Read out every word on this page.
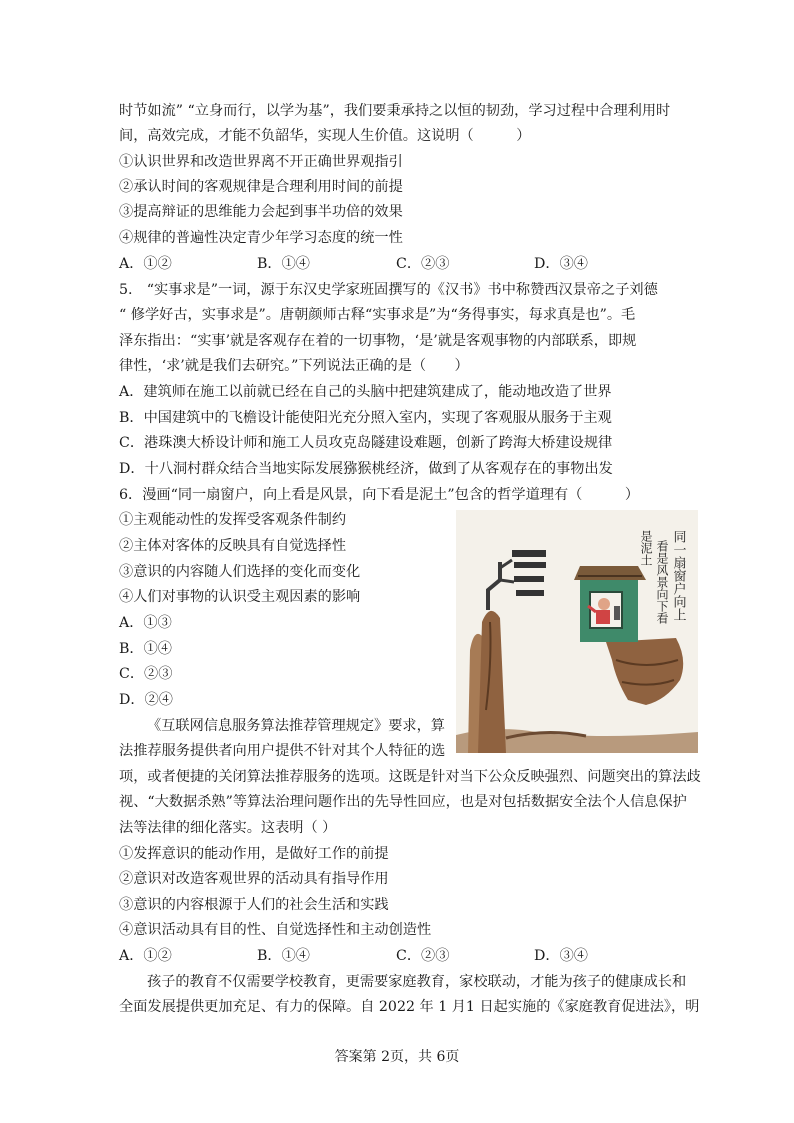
时节如流” “立身而行，以学为基”，我们要秉承持之以恒的韧劲，学习过程中合理利用时
间，高效完成，才能不负韶华，实现人生价值。这说明（　　　）
①认识世界和改造世界离不开正确世界观指引
②承认时间的客观规律是合理利用时间的前提
③提高辩证的思维能力会起到事半功倍的效果
④规律的普遍性决定青少年学习态度的统一性
A．①②	B．①④	C．②③	D．③④
5.　“实事求是”一词，源于东汉史学家班固撰写的《汉书》书中称赞西汉景帝之子刘德
“ 修学好古，实事求是”。唐朝颜师古释“实事求是”为“务得事实，每求真是也”。毛
泽东指出：“实事’就是客观存在着的一切事物，‘是’就是客观事物的内部联系，即规
律性，‘求’就是我们去研究。”下列说法正确的是（　　）
A．建筑师在施工以前就已经在自己的头脑中把建筑建成了，能动地改造了世界
B．中国建筑中的飞檐设计能使阳光充分照入室内，实现了客观服从服务于主观
C．港珠澳大桥设计师和施工人员攻克岛隧建设难题，创新了跨海大桥建设规律
D．十八洞村群众结合当地实际发展猕猴桃经济，做到了从客观存在的事物出发
6．漫画“同一扇窗户，向上看是风景，向下看是泥土”包含的哲学道理有（　　　）
①主观能动性的发挥受客观条件制约
②主体对客体的反映具有自觉选择性
③意识的内容随人们选择的变化而变化
④人们对事物的认识受主观因素的影响
A．①③
B．①④
C．②③
D．②④
《互联网信息服务算法推荐管理规定》要求，算
法推荐服务提供者向用户提供不针对其个人特征的选
项，或者便捷的关闭算法推荐服务的选项。这既是针对当下公众反映强烈、问题突出的算法歧
视、“大数据杀熟”等算法治理问题作出的先导性回应，也是对包括数据安全法个人信息保护
法等法律的细化落实。这表明（ ）
①发挥意识的能动作用，是做好工作的前提
②意识对改造客观世界的活动具有指导作用
③意识的内容根源于人们的社会生活和实践
④意识活动具有目的性、自觉选择性和主动创造性
A．①②	B．①④	C．②③	D．③④
孩子的教育不仅需要学校教育，更需要家庭教育，家校联动，才能为孩子的健康成长和
全面发展提供更加充足、有力的保障。自 2022 年 1 月1 日起实施的《家庭教育促进法》，明
同一扇窗户向上
看是风景向下看
是泥土
答案第 2页，共 6页
